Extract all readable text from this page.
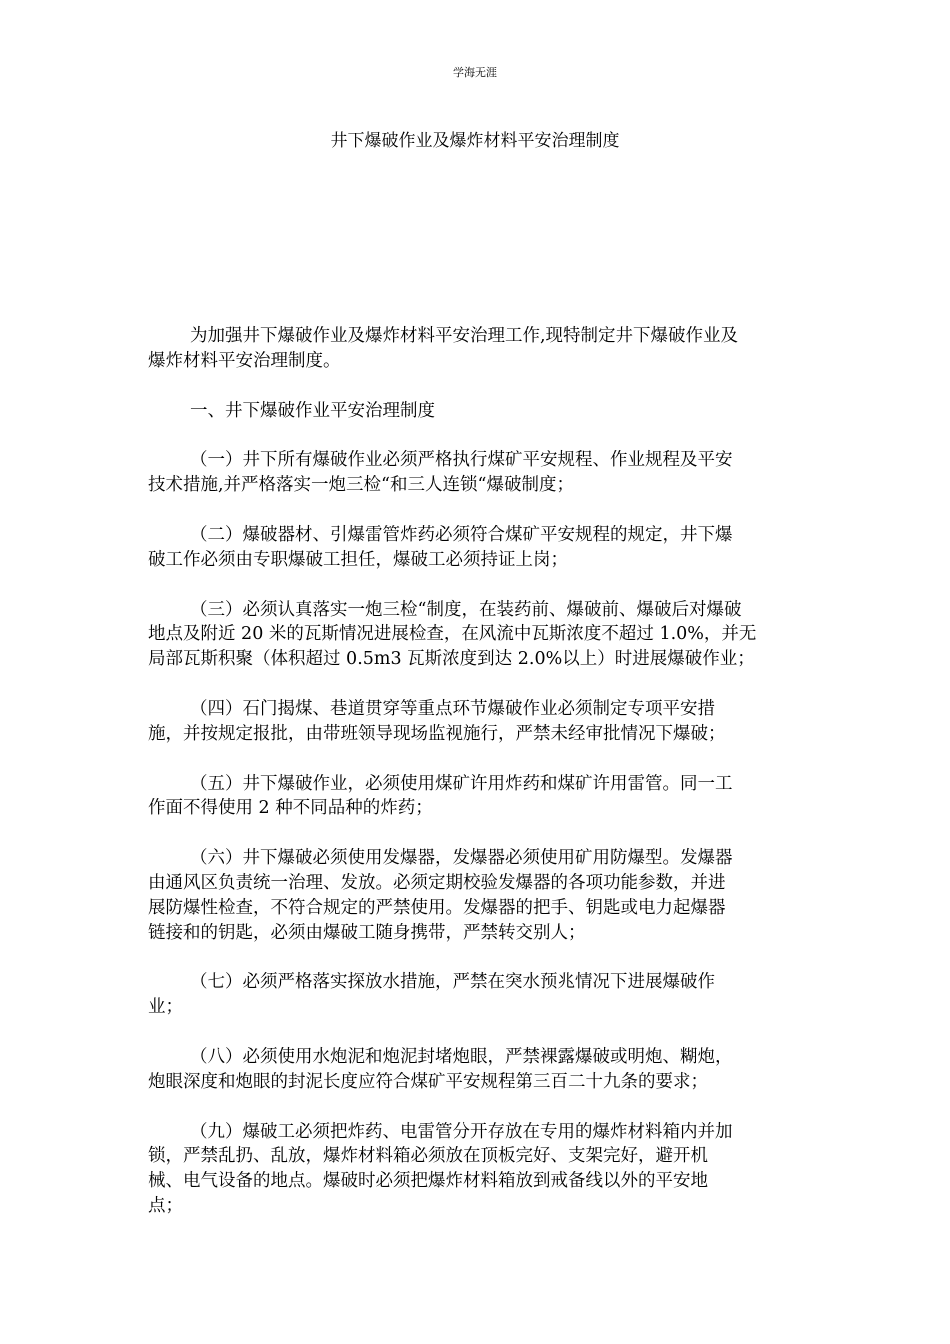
学海无涯
井下爆破作业及爆炸材料平安治理制度
为加强井下爆破作业及爆炸材料平安治理工作,现特制定井下爆破作业及
爆炸材料平安治理制度。
一、井下爆破作业平安治理制度
（一）井下所有爆破作业必须严格执行煤矿平安规程、作业规程及平安
技术措施,并严格落实一炮三检“和三人连锁“爆破制度；
（二）爆破器材、引爆雷管炸药必须符合煤矿平安规程的规定，井下爆
破工作必须由专职爆破工担任，爆破工必须持证上岗；
（三）必须认真落实一炮三检“制度，在装药前、爆破前、爆破后对爆破
地点及附近 20 米的瓦斯情况进展检查，在风流中瓦斯浓度不超过 1.0%，并无
局部瓦斯积聚（体积超过 0.5m3 瓦斯浓度到达 2.0%以上）时进展爆破作业；
（四）石门揭煤、巷道贯穿等重点环节爆破作业必须制定专项平安措
施，并按规定报批，由带班领导现场监视施行，严禁未经审批情况下爆破；
（五）井下爆破作业，必须使用煤矿许用炸药和煤矿许用雷管。同一工
作面不得使用 2 种不同品种的炸药；
（六）井下爆破必须使用发爆器，发爆器必须使用矿用防爆型。发爆器
由通风区负责统一治理、发放。必须定期校验发爆器的各项功能参数，并进
展防爆性检查，不符合规定的严禁使用。发爆器的把手、钥匙或电力起爆器
链接和的钥匙，必须由爆破工随身携带，严禁转交别人；
（七）必须严格落实探放水措施，严禁在突水预兆情况下进展爆破作
业；
（八）必须使用水炮泥和炮泥封堵炮眼，严禁裸露爆破或明炮、糊炮，
炮眼深度和炮眼的封泥长度应符合煤矿平安规程第三百二十九条的要求；
（九）爆破工必须把炸药、电雷管分开存放在专用的爆炸材料箱内并加
锁，严禁乱扔、乱放，爆炸材料箱必须放在顶板完好、支架完好，避开机
械、电气设备的地点。爆破时必须把爆炸材料箱放到戒备线以外的平安地
点；
